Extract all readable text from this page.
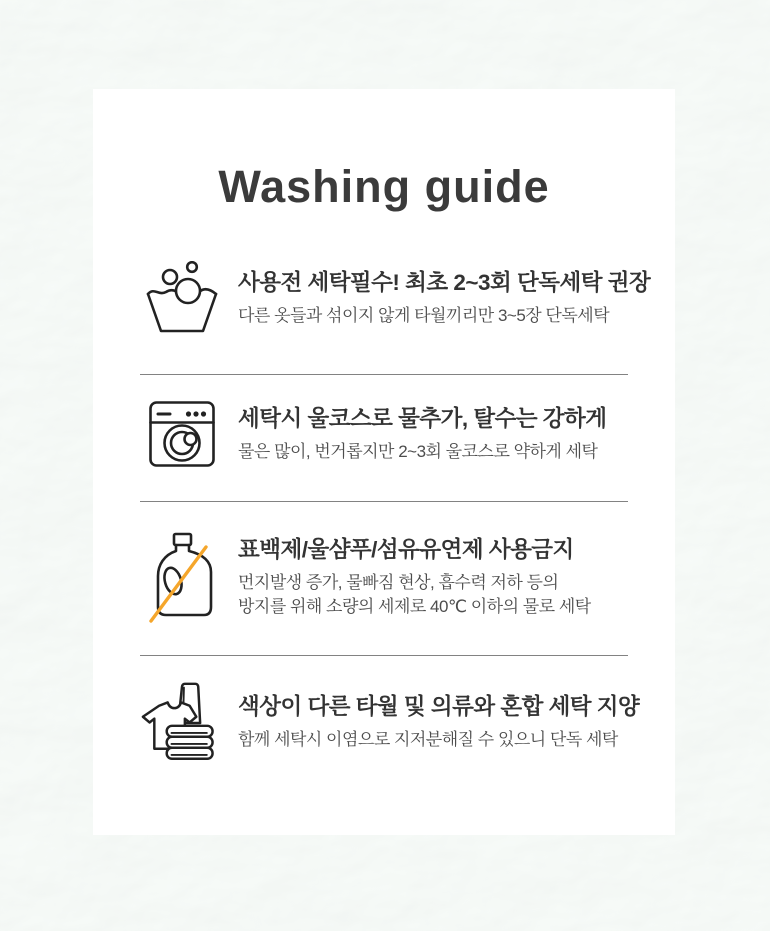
Washing guide
사용전 세탁필수! 최초 2~3회 단독세탁 권장
다른 옷들과 섞이지 않게 타월끼리만 3~5장 단독세탁
세탁시 울코스로 물추가, 탈수는 강하게
물은 많이, 번거롭지만 2~3회 울코스로 약하게 세탁
표백제/울샴푸/섬유유연제 사용금지
먼지발생 증가, 물빠짐 현상, 흡수력 저하 등의
방지를 위해 소량의 세제로 40℃ 이하의 물로 세탁
색상이 다른 타월 및 의류와 혼합 세탁 지양
함께 세탁시 이염으로 지저분해질 수 있으니 단독 세탁
